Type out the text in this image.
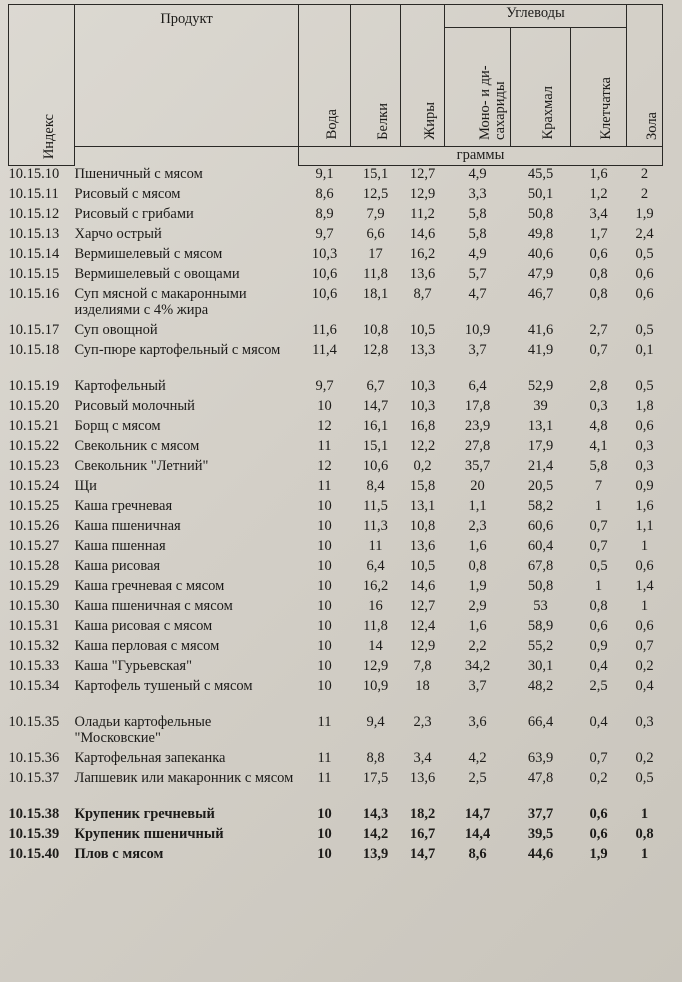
Индекс	Продукт	Вода	Белки	Жиры	Углеводы			Зола

					Моно- и ди-сахариды	Крахмал	Клетчатка	

		граммы						
10.15.10	Пшеничный с мясом	9,1	15,1	12,7	4,9	45,5	1,6	2
10.15.11	Рисовый с мясом	8,6	12,5	12,9	3,3	50,1	1,2	2
10.15.12	Рисовый с грибами	8,9	7,9	11,2	5,8	50,8	3,4	1,9
10.15.13	Харчо острый	9,7	6,6	14,6	5,8	49,8	1,7	2,4
10.15.14	Вермишелевый с мясом	10,3	17	16,2	4,9	40,6	0,6	0,5
10.15.15	Вермишелевый с овощами	10,6	11,8	13,6	5,7	47,9	0,8	0,6
10.15.16	Суп мясной с макаронными изделиями с 4% жира	10,6	18,1	8,7	4,7	46,7	0,8	0,6
10.15.17	Суп овощной	11,6	10,8	10,5	10,9	41,6	2,7	0,5
10.15.18	Суп-пюре картофельный с мясом	11,4	12,8	13,3	3,7	41,9	0,7	0,1
10.15.19	Картофельный	9,7	6,7	10,3	6,4	52,9	2,8	0,5
10.15.20	Рисовый молочный	10	14,7	10,3	17,8	39	0,3	1,8
10.15.21	Борщ с мясом	12	16,1	16,8	23,9	13,1	4,8	0,6
10.15.22	Свекольник с мясом	11	15,1	12,2	27,8	17,9	4,1	0,3
10.15.23	Свекольник "Летний"	12	10,6	0,2	35,7	21,4	5,8	0,3
10.15.24	Щи	11	8,4	15,8	20	20,5	7	0,9
10.15.25	Каша гречневая	10	11,5	13,1	1,1	58,2	1	1,6
10.15.26	Каша пшеничная	10	11,3	10,8	2,3	60,6	0,7	1,1
10.15.27	Каша пшенная	10	11	13,6	1,6	60,4	0,7	1
10.15.28	Каша рисовая	10	6,4	10,5	0,8	67,8	0,5	0,6
10.15.29	Каша гречневая с мясом	10	16,2	14,6	1,9	50,8	1	1,4
10.15.30	Каша пшеничная с мясом	10	16	12,7	2,9	53	0,8	1
10.15.31	Каша рисовая с мясом	10	11,8	12,4	1,6	58,9	0,6	0,6
10.15.32	Каша перловая с мясом	10	14	12,9	2,2	55,2	0,9	0,7
10.15.33	Каша "Гурьевская"	10	12,9	7,8	34,2	30,1	0,4	0,2
10.15.34	Картофель тушеный с мясом	10	10,9	18	3,7	48,2	2,5	0,4
10.15.35	Оладьи картофельные "Московские"	11	9,4	2,3	3,6	66,4	0,4	0,3
10.15.36	Картофельная запеканка	11	8,8	3,4	4,2	63,9	0,7	0,2
10.15.37	Лапшевик или макаронник с мясом	11	17,5	13,6	2,5	47,8	0,2	0,5
10.15.38	Крупеник гречневый	10	14,3	18,2	14,7	37,7	0,6	1
10.15.39	Крупеник пшеничный	10	14,2	16,7	14,4	39,5	0,6	0,8
10.15.40	Плов с мясом	10	13,9	14,7	8,6	44,6	1,9	1
